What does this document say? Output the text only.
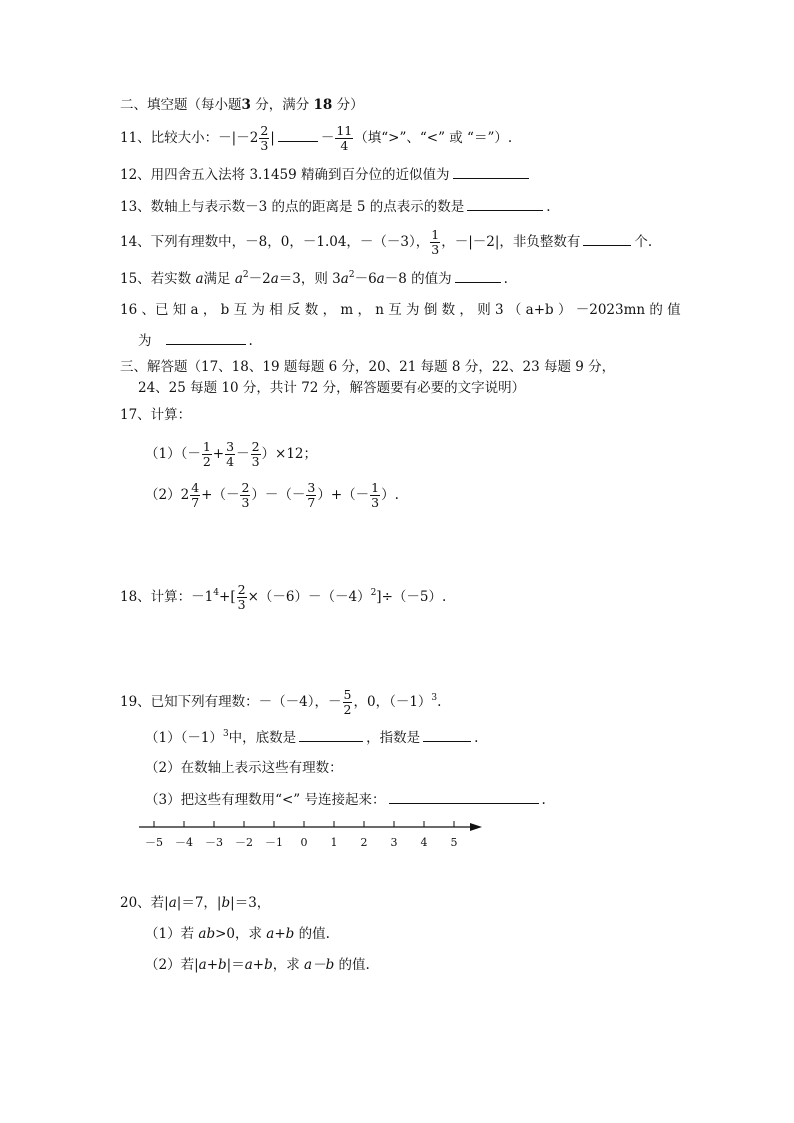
二、填空题（每小题3 分，满分 18 分）
11、比较大小：$-|-2 \frac{2}{3}$ |	－ $\frac{11}{4}$ （填“>”、“<” 或 “＝”）.
12、用四舍五入法将 3.1459 精确到百分位的近似值为
13、数轴上与表示数－3 的点的距离是 5 的点表示的数是	.
14、下列有理数中，－8，0，－1.04，－（－3）， $\frac{1}{3}$ ，－|－2|，非负整数有	个.
15、若实数 a满足 $a^2-2a=3$，则 $3a^2-6a-8$ 的值为	.
16 、已 知 a ， b 互 为 相 反 数 ， m ， n 互 为 倒 数 ， 则 3 （ a+b ） －2023mn 的 值
为	.
三、解答题（17、18、19 题每题 6 分，20、21 每题 8 分，22、23 每题 9 分，
24、25 每题 10 分，共计 72 分，解答题要有必要的文字说明）
17、计算：
$(1)(- \frac{1}{2} + \frac{3}{4} - \frac{2}{3} )\times 12$；
$(2)2 \frac{4}{7}$ +（－ $\frac{2}{3}$ ）－（－ $\frac{3}{7}$ ）+（－ $\frac{1}{3}$ ）.
18、计算：$-1^4+[ \frac{2}{3} \times(-6)-(-4)^2]\div(-5)$.
19、已知下列有理数：－（－4），－ $\frac{5}{2}$ ，0，$(-1)^3$.
$(1)(-1)^3$中，底数是	，指数是	.
（2）在数轴上表示这些有理数：
（3）把这些有理数用“<” 号连接起来：	.
－5 －4 －3 －2 －1 0 1 2 3 4 5
20、若|a|＝7，|b|＝3，
（1）若 ab>0，求 a+b 的值.
（2）若|a+b|＝a+b，求 a－b 的值.
